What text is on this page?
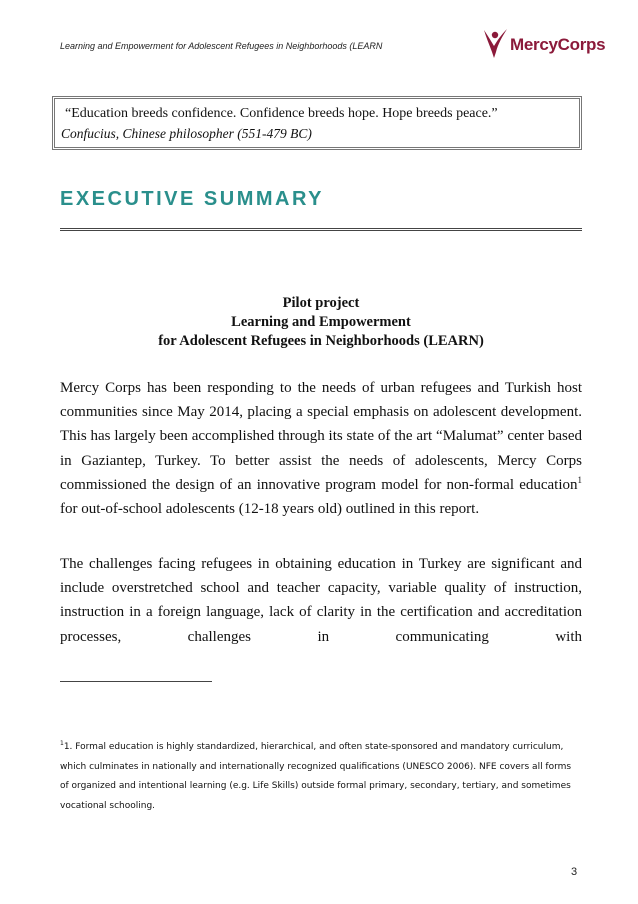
Learning and Empowerment for Adolescent Refugees in Neighborhoods (LEARN	MercyCorps
“Education breeds confidence. Confidence breeds hope. Hope breeds peace.”
Confucius, Chinese philosopher (551-479 BC)
EXECUTIVE SUMMARY
Pilot project
Learning and Empowerment
for Adolescent Refugees in Neighborhoods (LEARN)

Mercy Corps has been responding to the needs of urban refugees and Turkish host communities since May 2014, placing a special emphasis on adolescent development. This has largely been accomplished through its state of the art “Malumat” center based in Gaziantep, Turkey. To better assist the needs of adolescents, Mercy Corps commissioned the design of an innovative program model for non-formal education$^1$ for out-of-school adolescents (12-18 years old) outlined in this report.

The challenges facing refugees in obtaining education in Turkey are significant and include overstretched school and teacher capacity, variable quality of instruction, instruction in a foreign language, lack of clarity in the certification and accreditation processes, challenges in communicating with

$^1$1. Formal education is highly standardized, hierarchical, and often state-sponsored and mandatory curriculum, which culminates in nationally and internationally recognized qualifications (UNESCO 2006). NFE covers all forms of organized and intentional learning (e.g. Life Skills) outside formal primary, secondary, tertiary, and sometimes vocational schooling.

3
